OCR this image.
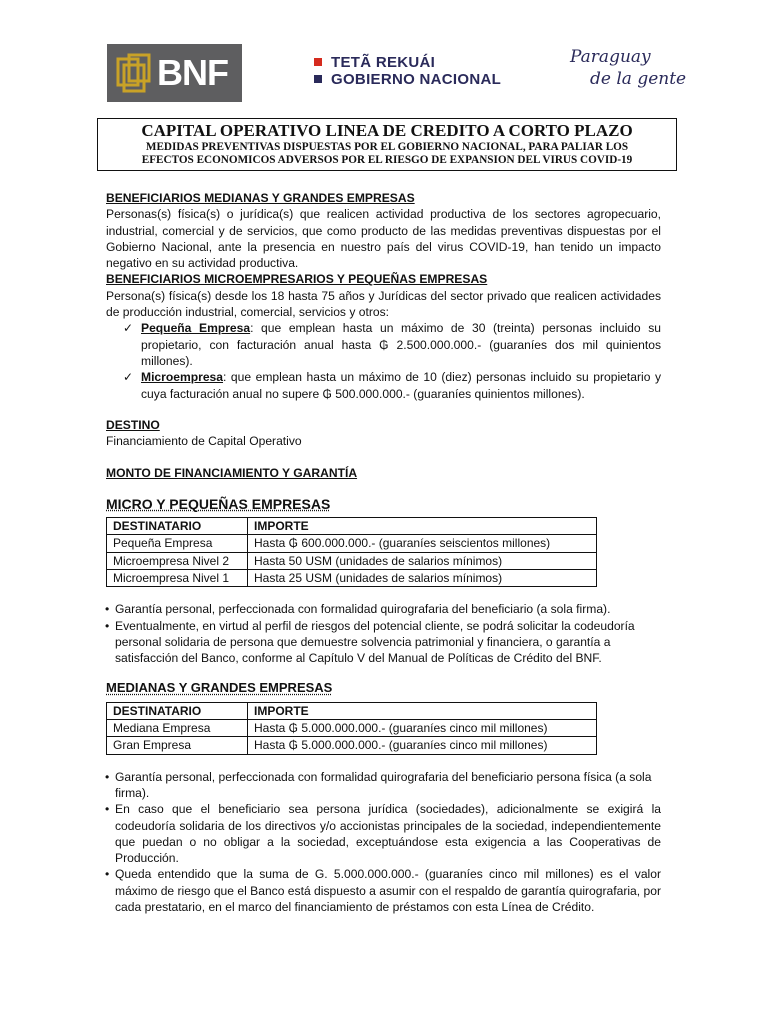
BNF	TETÃ REKUÁI
GOBIERNO NACIONAL
Paraguay
de la gente
CAPITAL OPERATIVO LINEA DE CREDITO A CORTO PLAZO
MEDIDAS PREVENTIVAS DISPUESTAS POR EL GOBIERNO NACIONAL, PARA PALIAR LOS
EFECTOS ECONOMICOS ADVERSOS POR EL RIESGO DE EXPANSION DEL VIRUS COVID-19
BENEFICIARIOS MEDIANAS Y GRANDES EMPRESAS

Personas(s) física(s) o jurídica(s) que realicen actividad productiva de los sectores agropecuario, industrial, comercial y de servicios, que como producto de las medidas preventivas dispuestas por el Gobierno Nacional, ante la presencia en nuestro país del virus COVID-19, han tenido un impacto negativo en su actividad productiva.

BENEFICIARIOS MICROEMPRESARIOS Y PEQUEÑAS EMPRESAS

Persona(s) física(s) desde los 18 hasta 75 años y Jurídicas del sector privado que realicen actividades de producción industrial, comercial, servicios y otros:

✓ Pequeña Empresa: que emplean hasta un máximo de 30 (treinta) personas incluido su propietario, con facturación anual hasta ₲ 2.500.000.000.- (guaraníes dos mil quinientos millones).

✓ Microempresa: que emplean hasta un máximo de 10 (diez) personas incluido su propietario y cuya facturación anual no supere ₲ 500.000.000.- (guaraníes quinientos millones).

DESTINO

Financiamiento de Capital Operativo

MONTO DE FINANCIAMIENTO Y GARANTÍA
MICRO Y PEQUEÑAS EMPRESAS
DESTINATARIO	IMPORTE
Pequeña Empresa	Hasta ₲ 600.000.000.- (guaraníes seiscientos millones)
Microempresa Nivel 2	Hasta 50 USM (unidades de salarios mínimos)
Microempresa Nivel 1	Hasta 25 USM (unidades de salarios mínimos)
• Garantía personal, perfeccionada con formalidad quirografaria del beneficiario (a sola firma).

• Eventualmente, en virtud al perfil de riesgos del potencial cliente, se podrá solicitar la codeudoría personal solidaria de persona que demuestre solvencia patrimonial y financiera, o garantía a satisfacción del Banco, conforme al Capítulo V del Manual de Políticas de Crédito del BNF.

MEDIANAS Y GRANDES EMPRESAS
DESTINATARIO	IMPORTE
Mediana Empresa	Hasta ₲ 5.000.000.000.- (guaraníes cinco mil millones)
Gran Empresa	Hasta ₲ 5.000.000.000.- (guaraníes cinco mil millones)
• Garantía personal, perfeccionada con formalidad quirografaria del beneficiario persona física (a sola firma).

• En caso que el beneficiario sea persona jurídica (sociedades), adicionalmente se exigirá la codeudoría solidaria de los directivos y/o accionistas principales de la sociedad, independientemente que puedan o no obligar a la sociedad, exceptuándose esta exigencia a las Cooperativas de Producción.

• Queda entendido que la suma de G. 5.000.000.000.- (guaraníes cinco mil millones) es el valor máximo de riesgo que el Banco está dispuesto a asumir con el respaldo de garantía quirografaria, por cada prestatario, en el marco del financiamiento de préstamos con esta Línea de Crédito.
